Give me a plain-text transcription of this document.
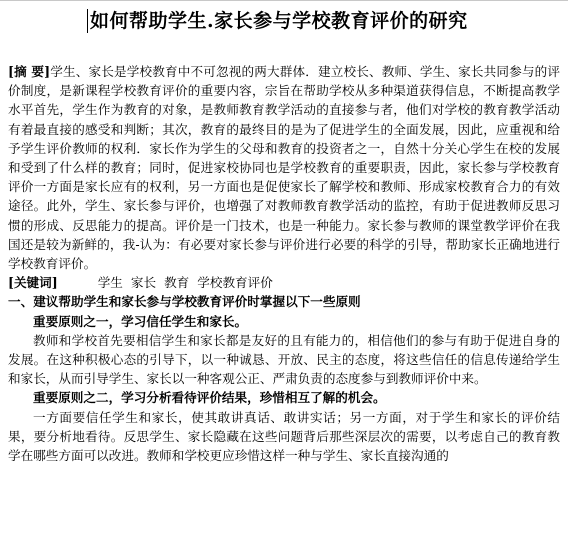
如何帮助学生.家长参与学校教育评价的研究

[摘 要]学生、家长是学校教育中不可忽视的两大群体．建立校长、教师、学生、家长共同参与的评价制度，是新课程学校教育评价的重要内容，宗旨在帮助学校从多种渠道获得信息，不断提高教学水平首先，学生作为教育的对象，是教师教育教学活动的直接参与者，他们对学校的教育教学活动有着最直接的感受和判断；其次，教育的最终目的是为了促进学生的全面发展，因此，应重视和给予学生评价教师的权利．家长作为学生的父母和教育的投资者之一，自然十分关心学生在校的发展和受到了什么样的教育；同时，促进家校协同也是学校教育的重要职责，因此，家长参与学校教育评价一方面是家长应有的权利，另一方面也是促使家长了解学校和教师、形成家校教育合力的有效途径。此外，学生、家长参与评价，也增强了对教师教育教学活动的监控，有助于促进教师反思习惯的形成、反思能力的提高。评价是一门技术，也是一种能力。家长参与教师的课堂教学评价在我国还是较为新鲜的，我-认为：有必要对家长参与评价进行必要的科学的引导，帮助家长正确地进行学校教育评价。

[关键词]	学生 家长 教育 学校教育评价

一、建议帮助学生和家长参与学校教育评价时掌握以下一些原则

重要原则之一，学习信任学生和家长。

教师和学校首先要相信学生和家长都是友好的且有能力的，相信他们的参与有助于促进自身的发展。在这种积极心态的引导下，以一种诚恳、开放、民主的态度，将这些信任的信息传递给学生和家长，从而引导学生、家长以一种客观公正、严肃负责的态度参与到教师评价中来。

重要原则之二，学习分析看待评价结果，珍惜相互了解的机会。

一方面要信任学生和家长，使其敢讲真话、敢讲实话；另一方面，对于学生和家长的评价结果，要分析地看待。反思学生、家长隐藏在这些问题背后那些深层次的需要，以考虑自己的教育教学在哪些方面可以改进。教师和学校更应珍惜这样一种与学生、家长直接沟通的
